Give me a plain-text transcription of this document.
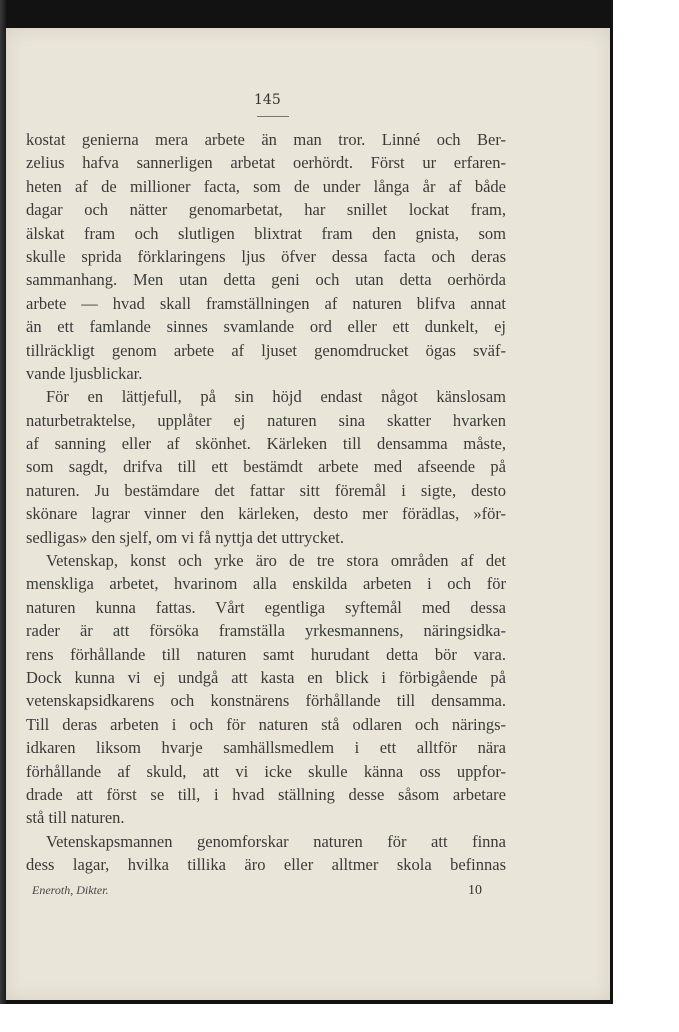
145
kostat genierna mera arbete än man tror. Linné och Ber-
zelius hafva sannerligen arbetat oerhördt. Först ur erfaren-
heten af de millioner facta, som de under långa år af både
dagar och nätter genomarbetat, har snillet lockat fram,
älskat fram och slutligen blixtrat fram den gnista, som
skulle sprida förklaringens ljus öfver dessa facta och deras
sammanhang. Men utan detta geni och utan detta oerhörda
arbete — hvad skall framställningen af naturen blifva annat
än ett famlande sinnes svamlande ord eller ett dunkelt, ej
tillräckligt genom arbete af ljuset genomdrucket ögas sväf-
vande ljusblickar.
För en lättjefull, på sin höjd endast något känslosam
naturbetraktelse, upplåter ej naturen sina skatter hvarken
af sanning eller af skönhet. Kärleken till densamma måste,
som sagdt, drifva till ett bestämdt arbete med afseende på
naturen. Ju bestämdare det fattar sitt föremål i sigte, desto
skönare lagrar vinner den kärleken, desto mer förädlas, »för-
sedligas» den sjelf, om vi få nyttja det uttrycket.
Vetenskap, konst och yrke äro de tre stora områden af det
menskliga arbetet, hvarinom alla enskilda arbeten i och för
naturen kunna fattas. Vårt egentliga syftemål med dessa
rader är att försöka framställa yrkesmannens, näringsidka-
rens förhållande till naturen samt hurudant detta bör vara.
Dock kunna vi ej undgå att kasta en blick i förbigående på
vetenskapsidkarens och konstnärens förhållande till densamma.
Till deras arbeten i och för naturen stå odlaren och närings-
idkaren liksom hvarje samhällsmedlem i ett alltför nära
förhållande af skuld, att vi icke skulle känna oss uppfor-
drade att först se till, i hvad ställning desse såsom arbetare
stå till naturen.
Vetenskapsmannen genomforskar naturen för att finna
dess lagar, hvilka tillika äro eller alltmer skola befinnas
Eneroth, Dikter.	10
